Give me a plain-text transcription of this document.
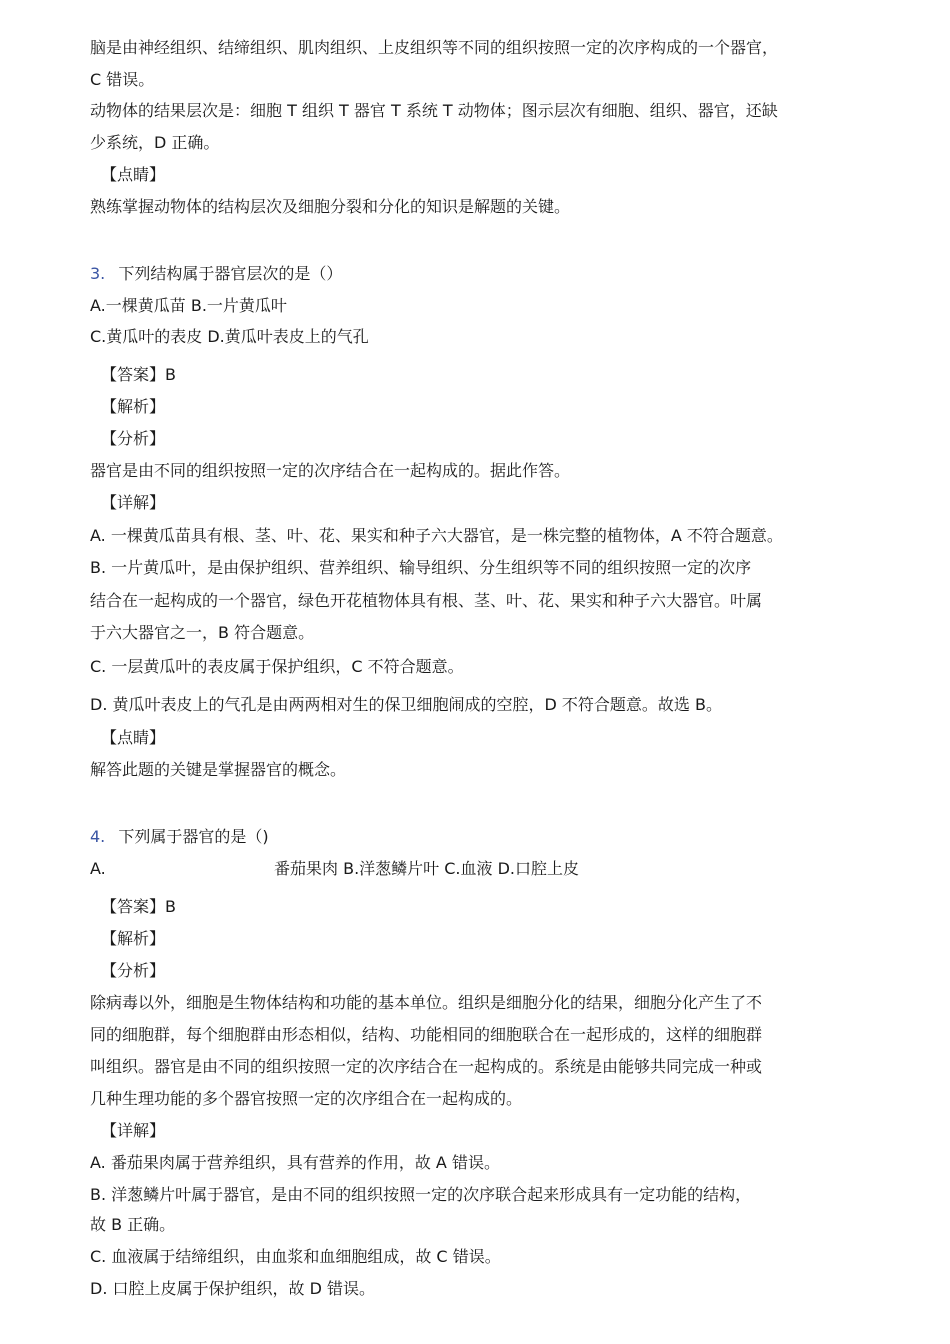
脑是由神经组织、结缔组织、肌肉组织、上皮组织等不同的组织按照一定的次序构成的一个器官，
C 错误。
动物体的结果层次是：细胞 T 组织 T 器官 T 系统 T 动物体；图示层次有细胞、组织、器官，还缺
少系统，D 正确。
【点睛】
熟练掌握动物体的结构层次及细胞分裂和分化的知识是解题的关键。
3. 下列结构属于器官层次的是（）
A.一棵黄瓜苗 B.一片黄瓜叶
C.黄瓜叶的表皮 D.黄瓜叶表皮上的气孔
【答案】B
【解析】
【分析】
器官是由不同的组织按照一定的次序结合在一起构成的。据此作答。
【详解】
A. 一棵黄瓜苗具有根、茎、叶、花、果实和种子六大器官，是一株完整的植物体，A 不符合题意。
B. 一片黄瓜叶，是由保护组织、营养组织、输导组织、分生组织等不同的组织按照一定的次序
结合在一起构成的一个器官，绿色开花植物体具有根、茎、叶、花、果实和种子六大器官。叶属
于六大器官之一，B 符合题意。
C. 一层黄瓜叶的表皮属于保护组织，C 不符合题意。
D. 黄瓜叶表皮上的气孔是由两两相对生的保卫细胞闹成的空腔，D 不符合题意。故选 B。
【点睛】
解答此题的关键是掌握器官的概念。
4. 下列属于器官的是（)
A.	番茄果肉 B.洋葱鳞片叶 C.血液 D.口腔上皮
【答案】B
【解析】
【分析】
除病毒以外，细胞是生物体结构和功能的基本单位。组织是细胞分化的结果，细胞分化产生了不
同的细胞群，每个细胞群由形态相似，结构、功能相同的细胞联合在一起形成的，这样的细胞群
叫组织。器官是由不同的组织按照一定的次序结合在一起构成的。系统是由能够共同完成一种或
几种生理功能的多个器官按照一定的次序组合在一起构成的。
【详解】
A. 番茄果肉属于营养组织，具有营养的作用，故 A 错误。
B. 洋葱鳞片叶属于器官，是由不同的组织按照一定的次序联合起来形成具有一定功能的结构，
故 B 正确。
C. 血液属于结缔组织，由血浆和血细胞组成，故 C 错误。
D. 口腔上皮属于保护组织，故 D 错误。
